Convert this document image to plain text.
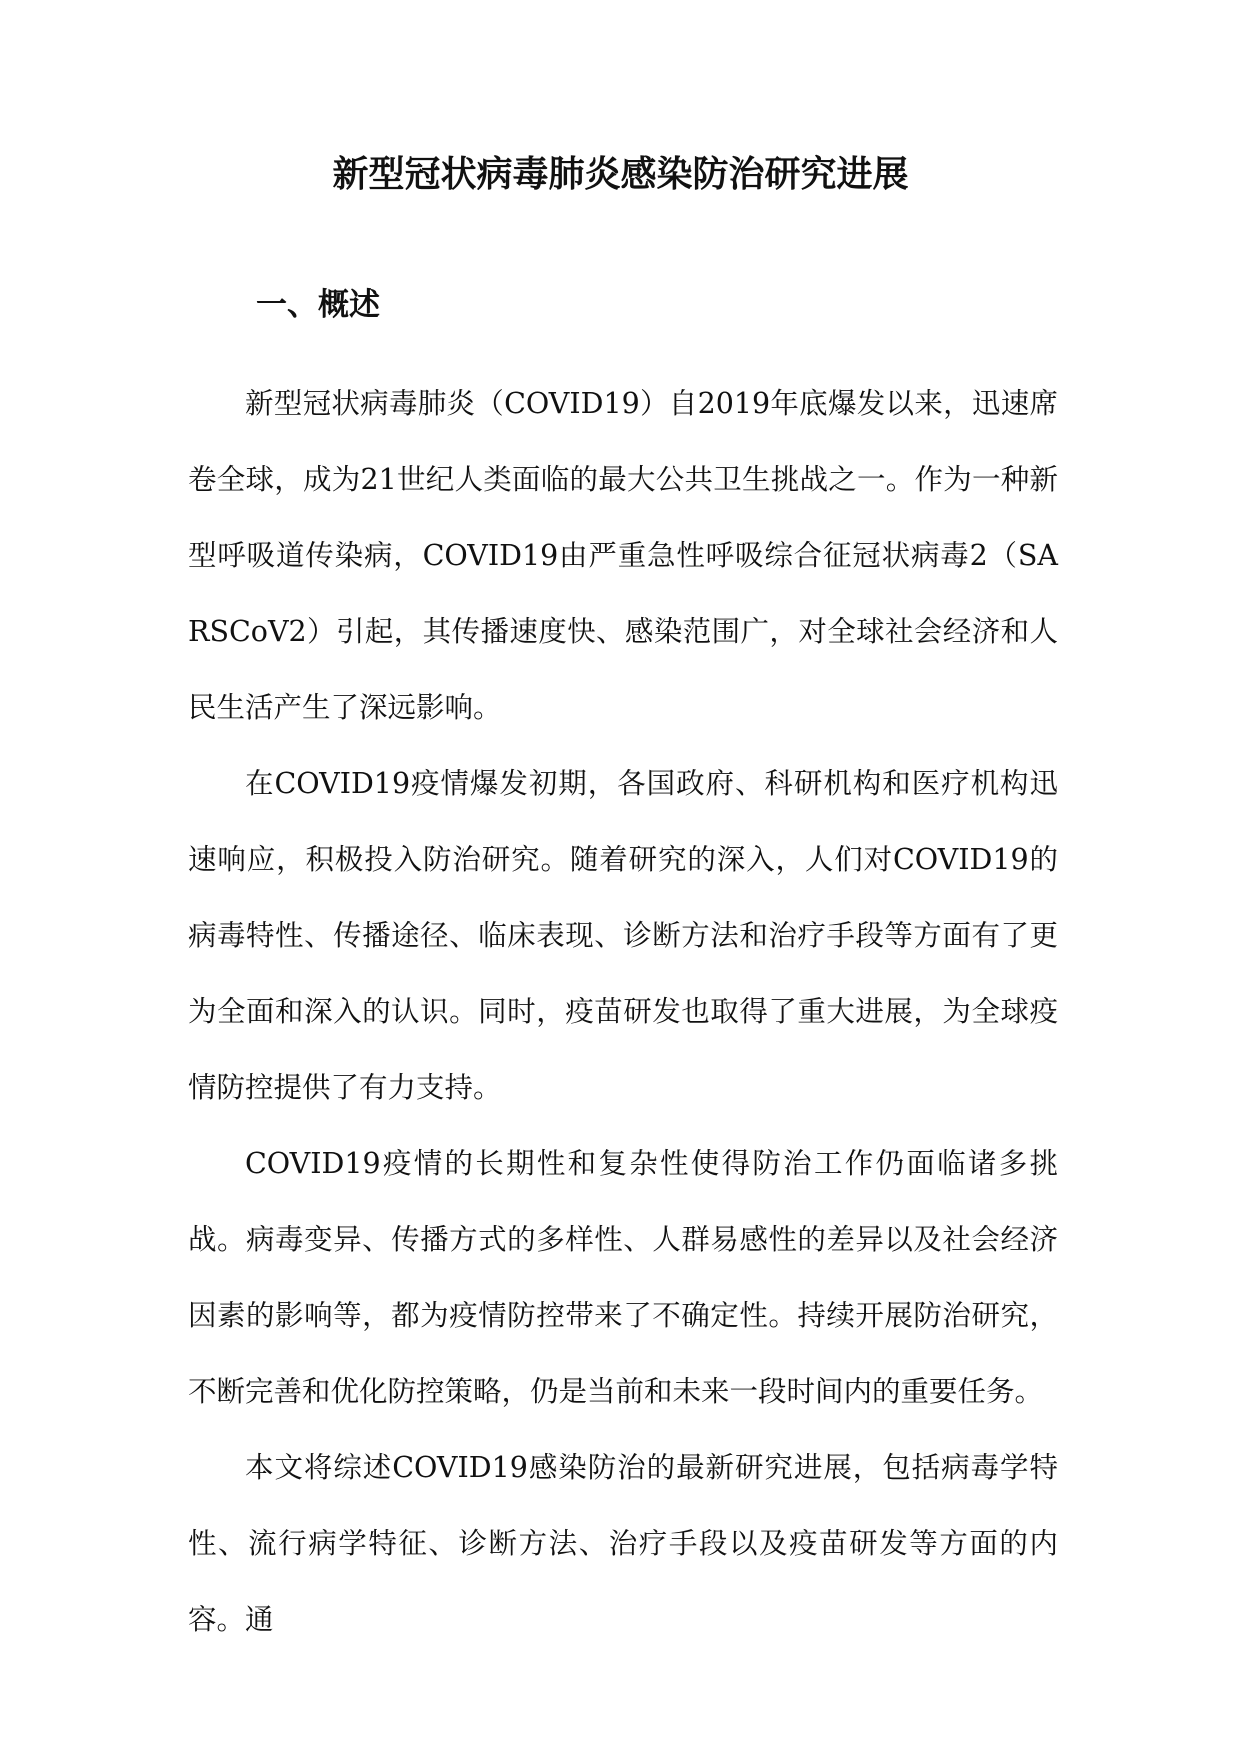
新型冠状病毒肺炎感染防治研究进展
一、概述

新型冠状病毒肺炎（COVID19）自2019年底爆发以来，迅速席卷全球，成为21世纪人类面临的最大公共卫生挑战之一。作为一种新型呼吸道传染病，COVID19由严重急性呼吸综合征冠状病毒2（SARSCoV2）引起，其传播速度快、感染范围广，对全球社会经济和人民生活产生了深远影响。

在COVID19疫情爆发初期，各国政府、科研机构和医疗机构迅速响应，积极投入防治研究。随着研究的深入，人们对COVID19的病毒特性、传播途径、临床表现、诊断方法和治疗手段等方面有了更为全面和深入的认识。同时，疫苗研发也取得了重大进展，为全球疫情防控提供了有力支持。

COVID19疫情的长期性和复杂性使得防治工作仍面临诸多挑战。病毒变异、传播方式的多样性、人群易感性的差异以及社会经济因素的影响等，都为疫情防控带来了不确定性。持续开展防治研究，不断完善和优化防控策略，仍是当前和未来一段时间内的重要任务。

本文将综述COVID19感染防治的最新研究进展，包括病毒学特性、流行病学特征、诊断方法、治疗手段以及疫苗研发等方面的内容。通
